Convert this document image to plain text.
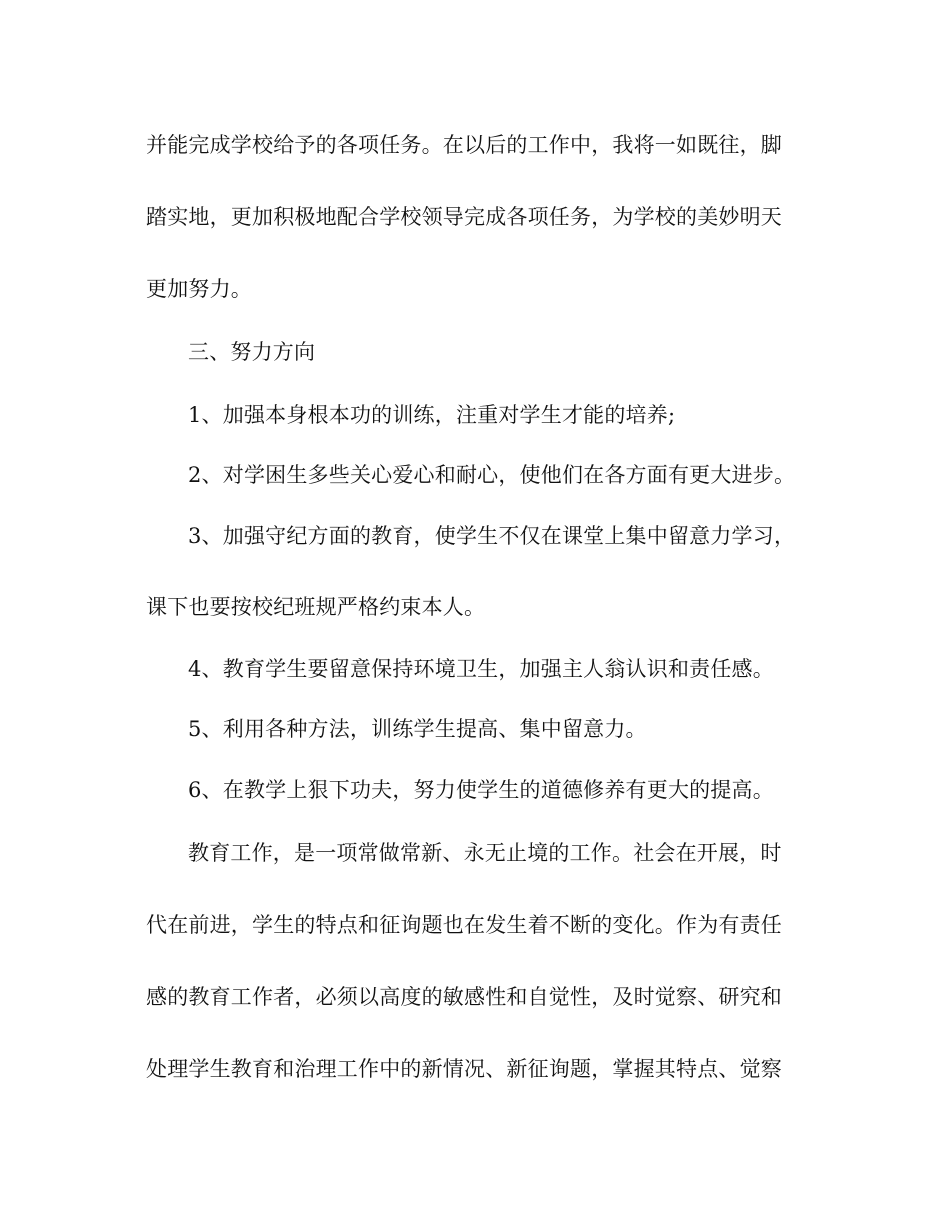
并能完成学校给予的各项任务。在以后的工作中，我将一如既往，脚
踏实地，更加积极地配合学校领导完成各项任务，为学校的美妙明天
更加努力。
三、努力方向
1、加强本身根本功的训练，注重对学生才能的培养;
2、对学困生多些关心爱心和耐心，使他们在各方面有更大进步。
3、加强守纪方面的教育，使学生不仅在课堂上集中留意力学习，
课下也要按校纪班规严格约束本人。
4、教育学生要留意保持环境卫生，加强主人翁认识和责任感。
5、利用各种方法，训练学生提高、集中留意力。
6、在教学上狠下功夫，努力使学生的道德修养有更大的提高。
教育工作，是一项常做常新、永无止境的工作。社会在开展，时
代在前进，学生的特点和征询题也在发生着不断的变化。作为有责任
感的教育工作者，必须以高度的敏感性和自觉性，及时觉察、研究和
处理学生教育和治理工作中的新情况、新征询题，掌握其特点、觉察
